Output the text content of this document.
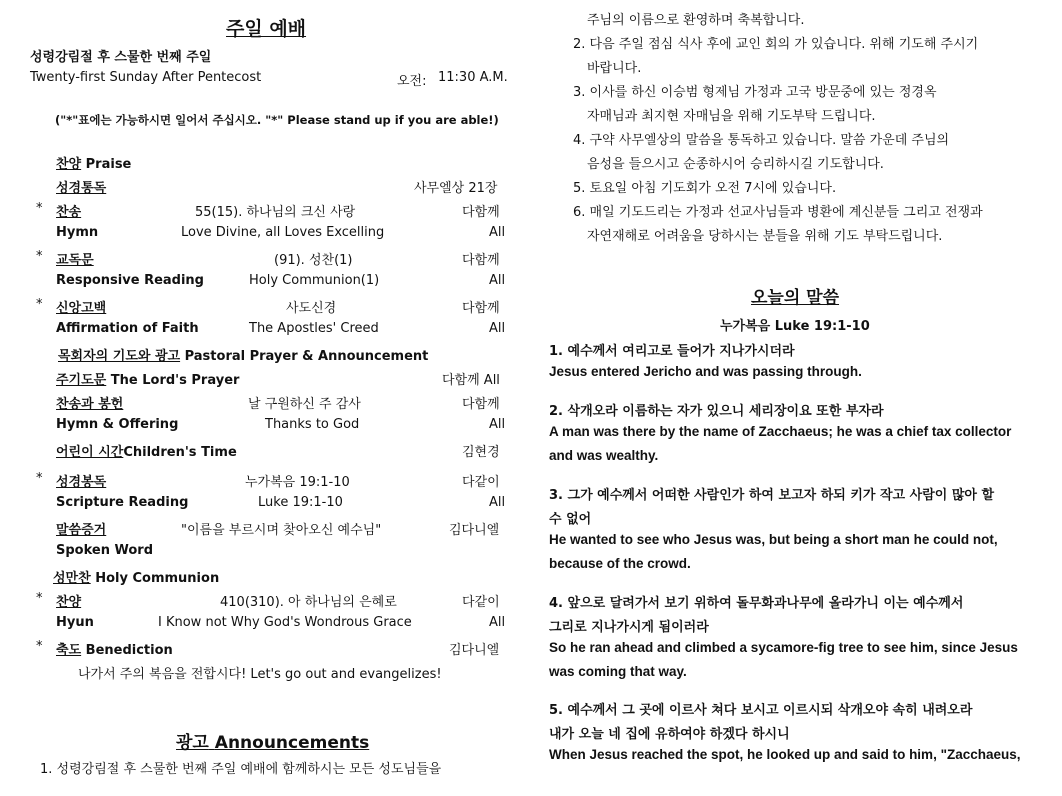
주일 예배
성령강림절 후 스물한 번째 주일
Twenty-first Sunday After Pentecost	오전: 11:30 A.M.
("*"표에는 가능하시면 일어서 주십시오. "*" Please stand up if you are able!)
찬양 Praise
성경통독	사무엘상 21장
* 찬송	55(15). 하나님의 크신 사랑	다함께
Hymn	Love Divine, all Loves Excelling	All
* 교독문	(91). 성찬(1)	다함께
Responsive Reading	Holy Communion(1)	All
* 신앙고백	사도신경	다함께
Affirmation of Faith	The Apostles' Creed	All
목회자의 기도와 광고 Pastoral Prayer & Announcement
주기도문 The Lord's Prayer	다함께 All
찬송과 봉헌	날 구원하신 주 감사	다함께
Hymn & Offering	Thanks to God	All
어린이 시간Children's Time	김현경
* 성경봉독	누가복음 19:1-10	다같이
Scripture Reading	Luke 19:1-10	All
말씀증거	"이름을 부르시며 찾아오신 예수님"	김다니엘
Spoken Word
성만찬 Holy Communion
* 찬양	410(310). 아 하나님의 은혜로	다같이
Hyun	I Know not Why God's Wondrous Grace	All
* 축도 Benediction	김다니엘
나가서 주의 복음을 전합시다! Let's go out and evangelizes!
광고 Announcements
1. 성령강림절 후 스물한 번째 주일 예배에 함께하시는 모든 성도님들을
주님의 이름으로 환영하며 축복합니다.
2. 다음 주일 점심 식사 후에 교인 회의 가 있습니다. 위해 기도해 주시기
바랍니다.
3. 이사를 하신 이승범 형제님 가정과 고국 방문중에 있는 정경옥
자매님과 최지현 자매님을 위해 기도부탁 드립니다.
4. 구약 사무엘상의 말씀을 통독하고 있습니다. 말씀 가운데 주님의
음성을 들으시고 순종하시어 승리하시길 기도합니다.
5. 토요일 아침 기도회가 오전 7시에 있습니다.
6. 매일 기도드리는 가정과 선교사님들과 병환에 계신분들 그리고 전쟁과
자연재해로 어려움을 당하시는 분들을 위해 기도 부탁드립니다.
오늘의 말씀
누가복음 Luke 19:1-10
1. 예수께서 여리고로 들어가 지나가시더라
Jesus entered Jericho and was passing through.
2. 삭개오라 이름하는 자가 있으니 세리장이요 또한 부자라
A man was there by the name of Zacchaeus; he was a chief tax collector
and was wealthy.
3. 그가 예수께서 어떠한 사람인가 하여 보고자 하되 키가 작고 사람이 많아 할
수 없어
He wanted to see who Jesus was, but being a short man he could not,
because of the crowd.
4. 앞으로 달려가서 보기 위하여 돌무화과나무에 올라가니 이는 예수께서
그리로 지나가시게 됨이러라
So he ran ahead and climbed a sycamore-fig tree to see him, since Jesus
was coming that way.
5. 예수께서 그 곳에 이르사 쳐다 보시고 이르시되 삭개오야 속히 내려오라
내가 오늘 네 집에 유하여야 하겠다 하시니
When Jesus reached the spot, he looked up and said to him, "Zacchaeus,
